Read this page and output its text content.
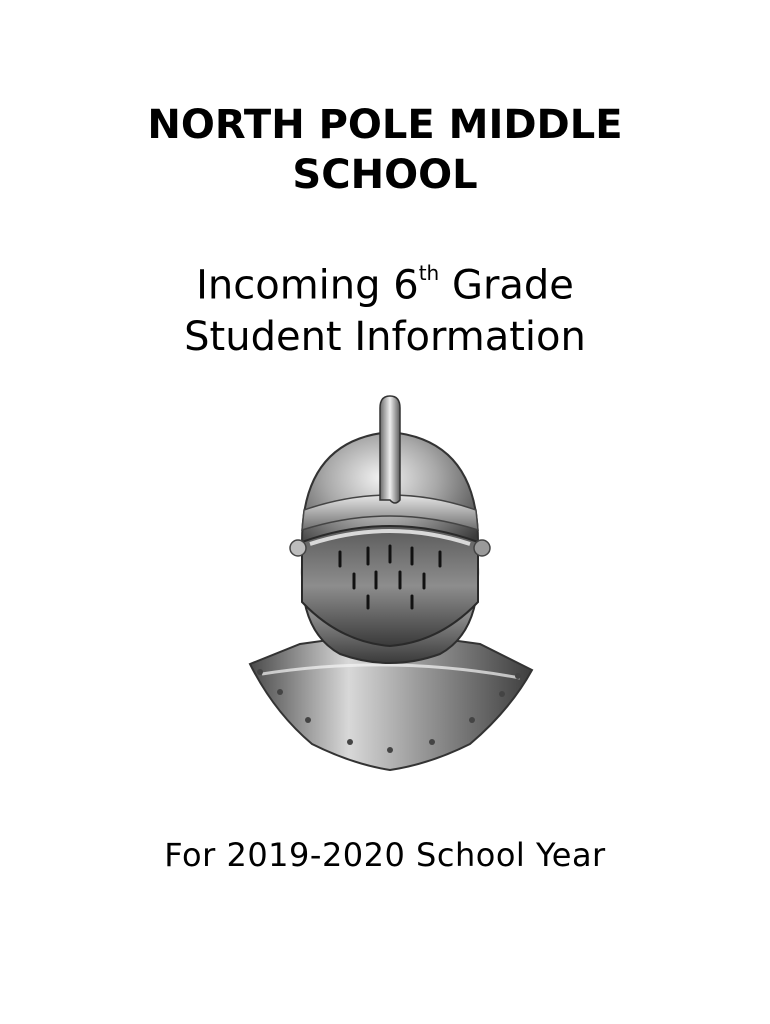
NORTH POLE MIDDLE
SCHOOL
Incoming 6th Grade
Student Information
For 2019-2020 School Year
